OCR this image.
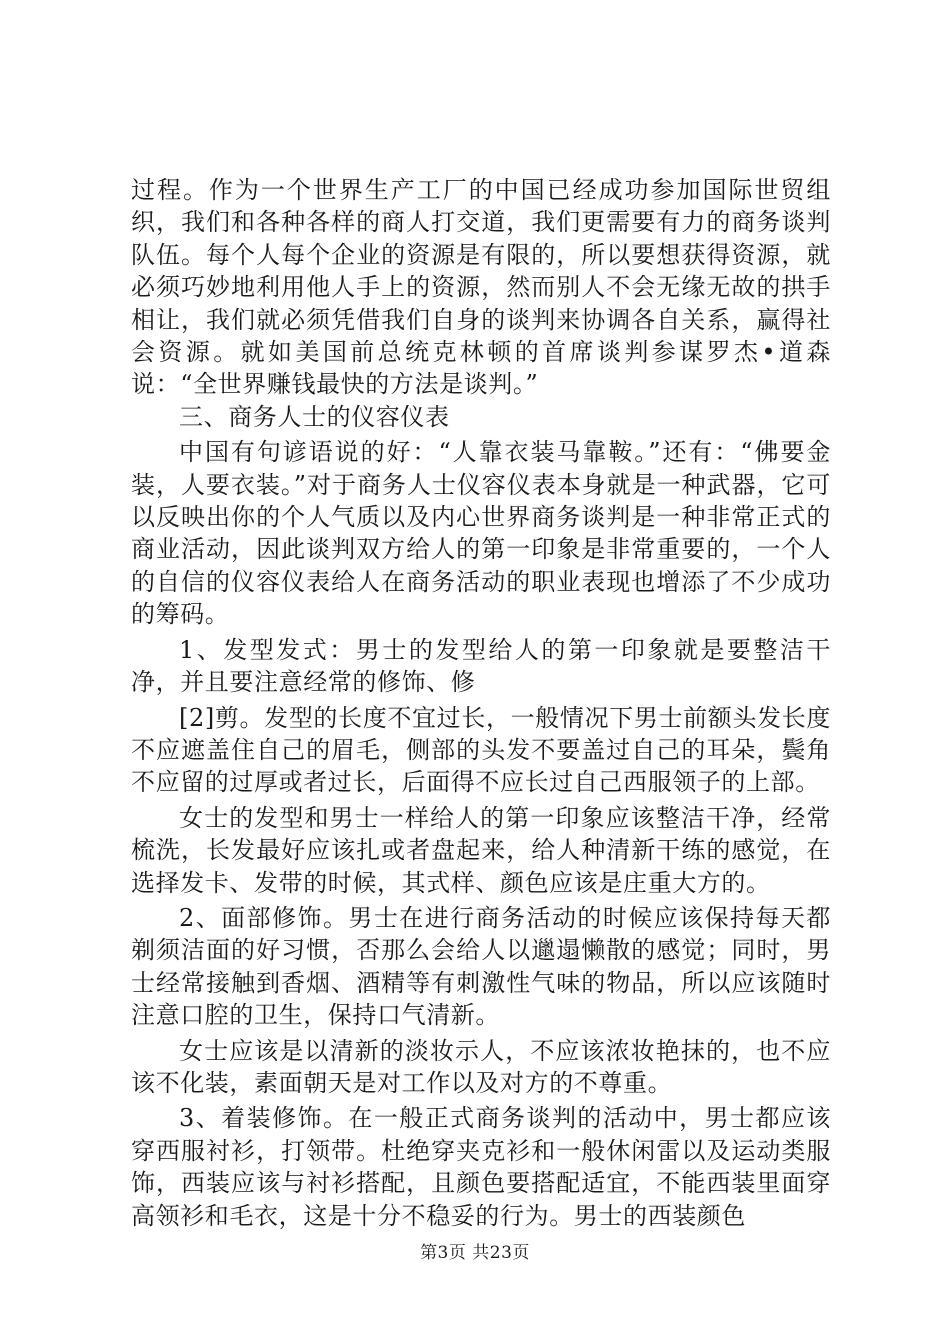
过程。作为一个世界生产工厂的中国已经成功参加国际世贸组织，我们和各种各样的商人打交道，我们更需要有力的商务谈判队伍。每个人每个企业的资源是有限的，所以要想获得资源，就必须巧妙地利用他人手上的资源，然而别人不会无缘无故的拱手相让，我们就必须凭借我们自身的谈判来协调各自关系，赢得社会资源。就如美国前总统克林顿的首席谈判参谋罗杰•道森说：“全世界赚钱最快的方法是谈判。”

三、商务人士的仪容仪表

中国有句谚语说的好：“人靠衣装马靠鞍。”还有：“佛要金装，人要衣装。”对于商务人士仪容仪表本身就是一种武器，它可以反映出你的个人气质以及内心世界商务谈判是一种非常正式的商业活动，因此谈判双方给人的第一印象是非常重要的，一个人的自信的仪容仪表给人在商务活动的职业表现也增添了不少成功的筹码。

1、发型发式：男士的发型给人的第一印象就是要整洁干净，并且要注意经常的修饰、修

[2]剪。发型的长度不宜过长，一般情况下男士前额头发长度不应遮盖住自己的眉毛，侧部的头发不要盖过自己的耳朵，鬓角不应留的过厚或者过长，后面得不应长过自己西服领子的上部。

女士的发型和男士一样给人的第一印象应该整洁干净，经常梳洗，长发最好应该扎或者盘起来，给人种清新干练的感觉，在选择发卡、发带的时候，其式样、颜色应该是庄重大方的。

2、面部修饰。男士在进行商务活动的时候应该保持每天都剃须洁面的好习惯，否那么会给人以邋遢懒散的感觉；同时，男士经常接触到香烟、酒精等有刺激性气味的物品，所以应该随时注意口腔的卫生，保持口气清新。

女士应该是以清新的淡妆示人，不应该浓妆艳抹的，也不应该不化装，素面朝天是对工作以及对方的不尊重。

3、着装修饰。在一般正式商务谈判的活动中，男士都应该穿西服衬衫，打领带。杜绝穿夹克衫和一般休闲雷以及运动类服饰，西装应该与衬衫搭配，且颜色要搭配适宜，不能西装里面穿高领衫和毛衣，这是十分不稳妥的行为。男士的西装颜色

第3页 共23页
